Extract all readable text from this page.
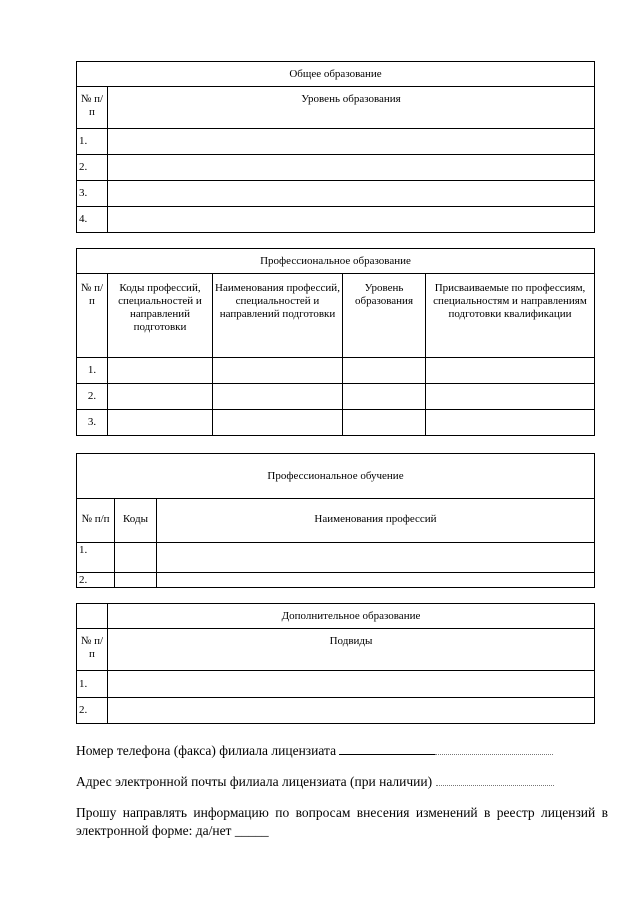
Общее образование	
№ п/п	Уровень образования
1.	
2.	
3.	
4.	
Профессиональное образование				
№ п/п	Коды профессий, специальностей и направлений подготовки	Наименования профессий, специальностей и направлений подготовки	Уровень образования	Присваиваемые по профессиям, специальностям и направлениям подготовки квалификации
1.				
2.				
3.				
Профессиональное обучение		
№ п/п	Коды	Наименования профессий
1.		
2.		
	Дополнительное образование
№ п/п	Подвиды
1.	
2.	
Номер телефона (факса) филиала лицензиата
Адрес электронной почты филиала лицензиата (при наличии)
Прошу направлять информацию по вопросам внесения изменений в реестр лицензий в электронной форме: да/нет _____
